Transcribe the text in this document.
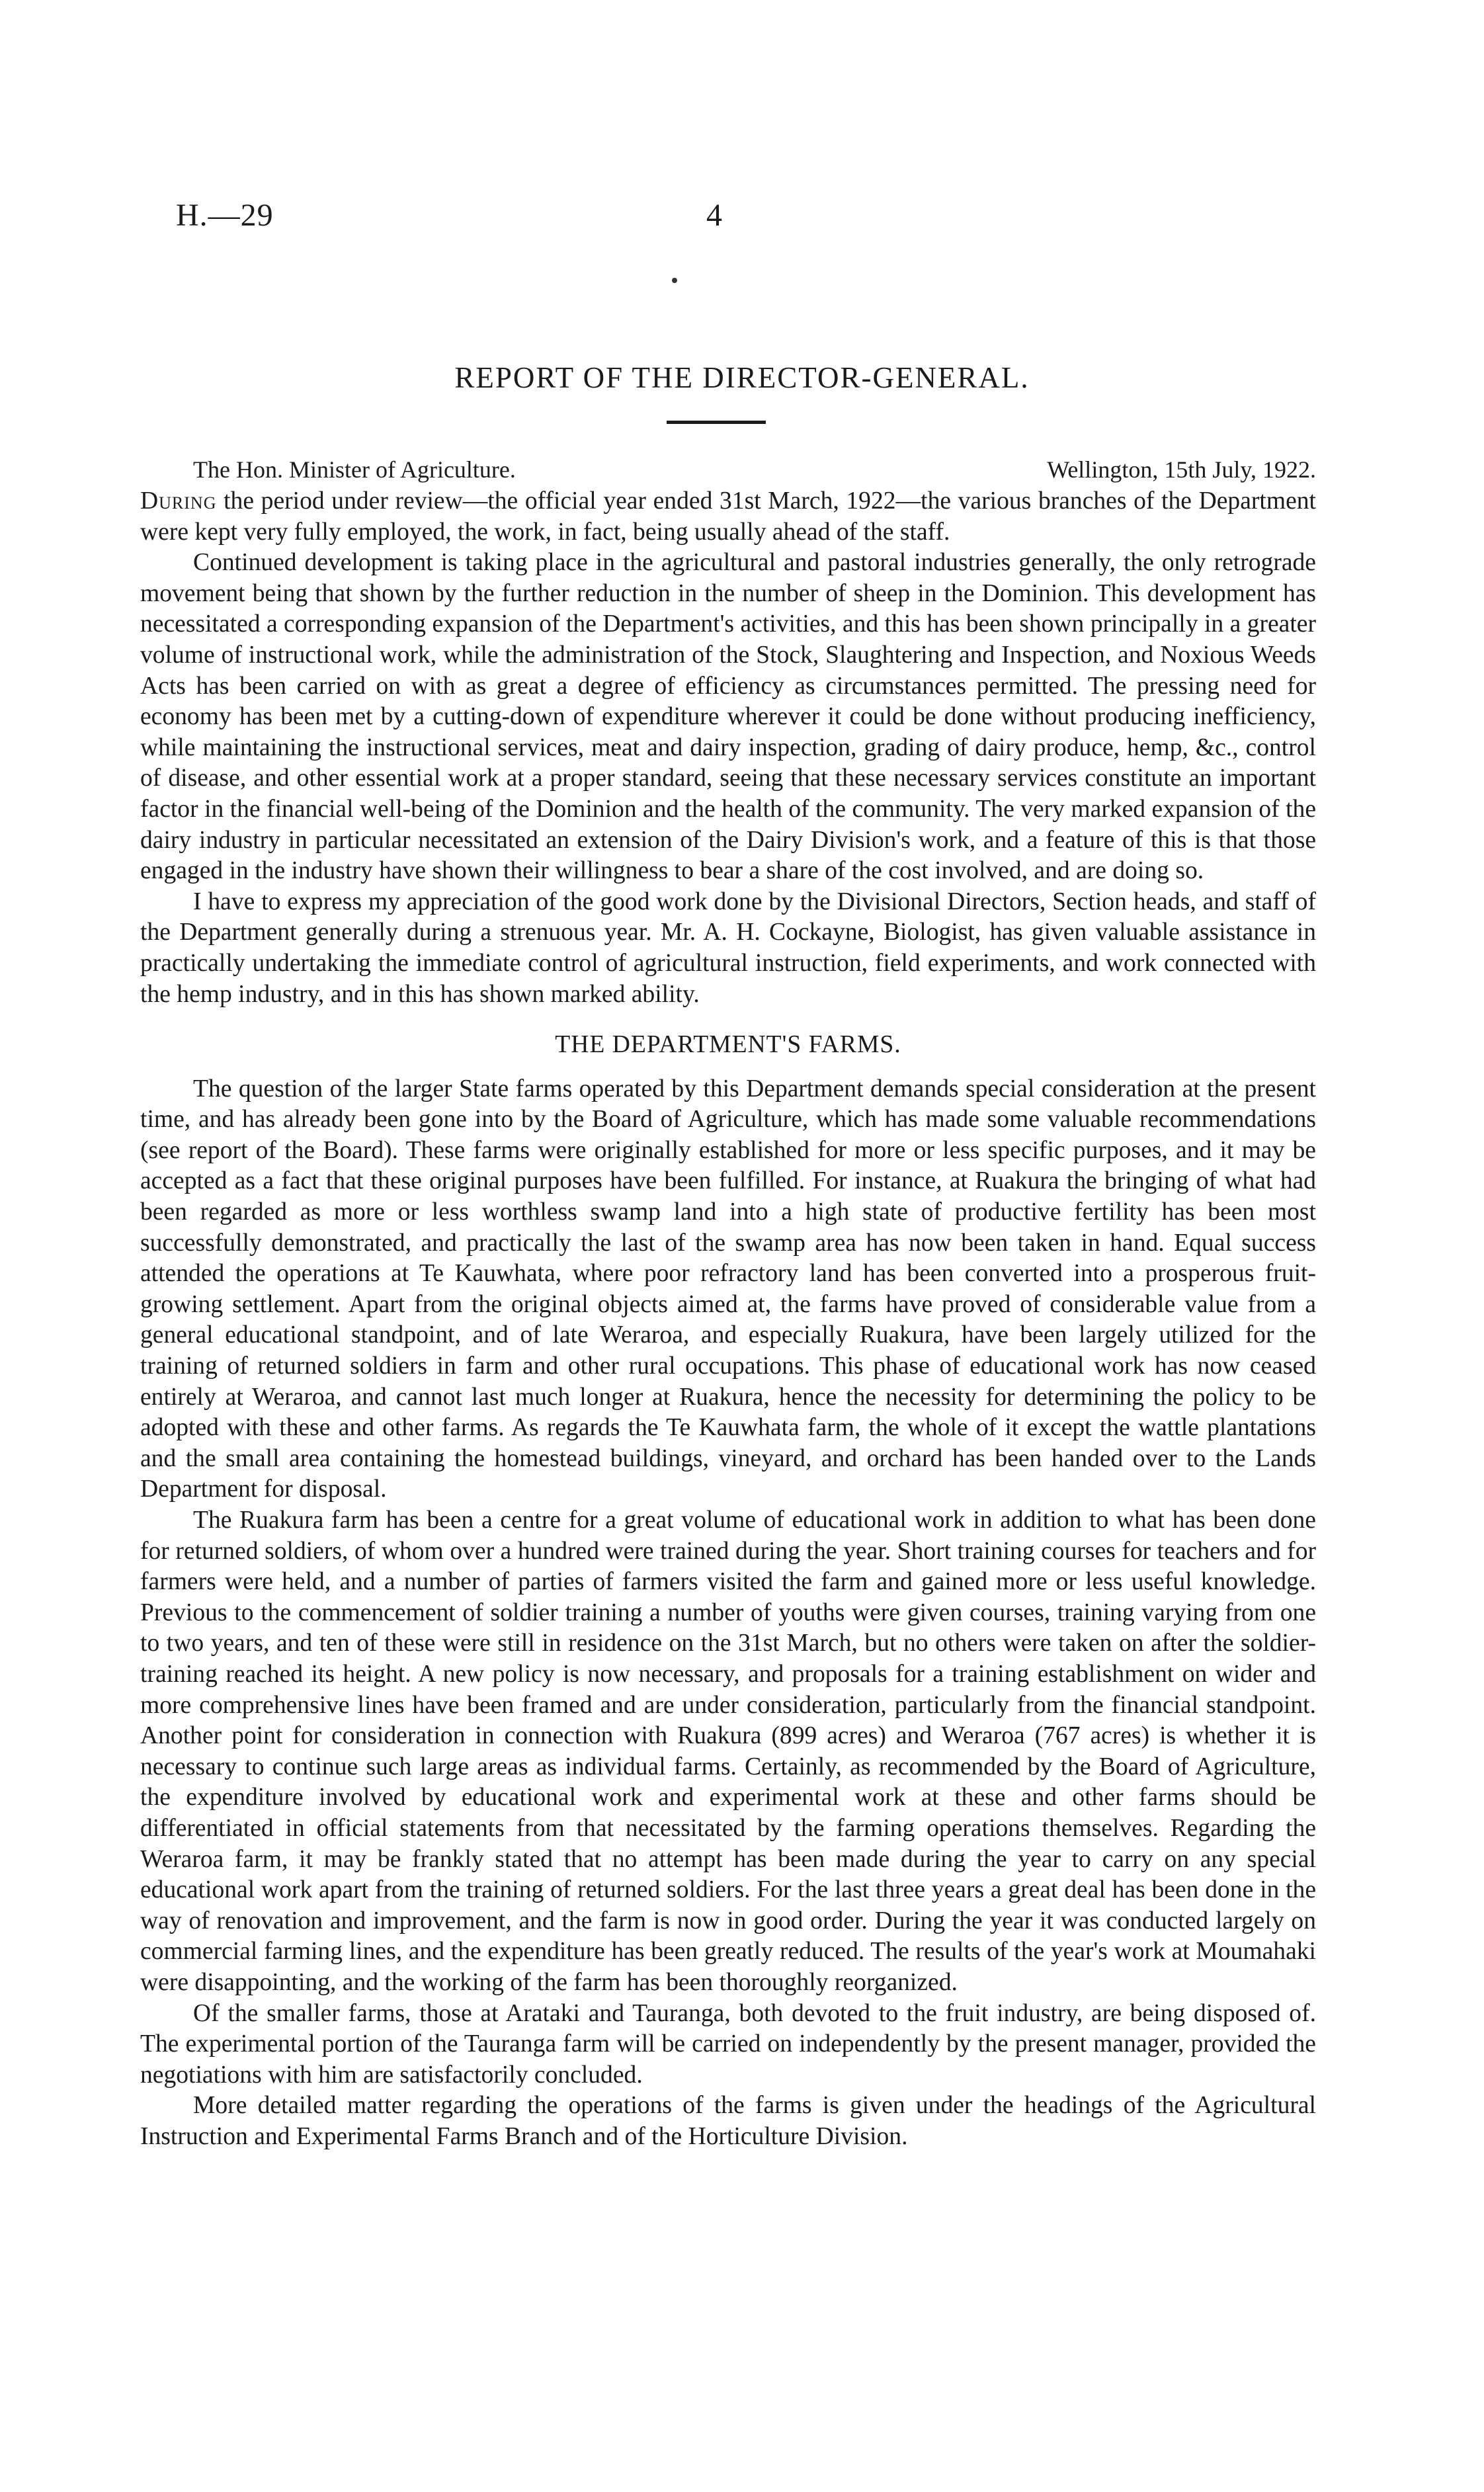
H.—29	4
REPORT OF THE DIRECTOR-GENERAL.
The Hon. Minister of Agriculture.	Wellington, 15th July, 1922.

During the period under review—the official year ended 31st March, 1922—the various branches of the Department were kept very fully employed, the work, in fact, being usually ahead of the staff.

Continued development is taking place in the agricultural and pastoral industries generally, the only retrograde movement being that shown by the further reduction in the number of sheep in the Dominion. This development has necessitated a corresponding expansion of the Department's activities, and this has been shown principally in a greater volume of instructional work, while the administration of the Stock, Slaughtering and Inspection, and Noxious Weeds Acts has been carried on with as great a degree of efficiency as circumstances permitted. The pressing need for economy has been met by a cutting-down of expenditure wherever it could be done without producing inefficiency, while maintaining the instructional services, meat and dairy inspection, grading of dairy produce, hemp, &c., control of disease, and other essential work at a proper standard, seeing that these necessary services constitute an important factor in the financial well-being of the Dominion and the health of the community. The very marked expansion of the dairy industry in particular necessitated an extension of the Dairy Division's work, and a feature of this is that those engaged in the industry have shown their willingness to bear a share of the cost involved, and are doing so.

I have to express my appreciation of the good work done by the Divisional Directors, Section heads, and staff of the Department generally during a strenuous year. Mr. A. H. Cockayne, Biologist, has given valuable assistance in practically undertaking the immediate control of agricultural instruction, field experiments, and work connected with the hemp industry, and in this has shown marked ability.

THE DEPARTMENT'S FARMS.

The question of the larger State farms operated by this Department demands special consideration at the present time, and has already been gone into by the Board of Agriculture, which has made some valuable recommendations (see report of the Board). These farms were originally established for more or less specific purposes, and it may be accepted as a fact that these original purposes have been fulfilled. For instance, at Ruakura the bringing of what had been regarded as more or less worthless swamp land into a high state of productive fertility has been most successfully demonstrated, and practically the last of the swamp area has now been taken in hand. Equal success attended the operations at Te Kauwhata, where poor refractory land has been converted into a prosperous fruit-growing settlement. Apart from the original objects aimed at, the farms have proved of considerable value from a general educational standpoint, and of late Weraroa, and especially Ruakura, have been largely utilized for the training of returned soldiers in farm and other rural occupations. This phase of educational work has now ceased entirely at Weraroa, and cannot last much longer at Ruakura, hence the necessity for determining the policy to be adopted with these and other farms. As regards the Te Kauwhata farm, the whole of it except the wattle plantations and the small area containing the homestead buildings, vineyard, and orchard has been handed over to the Lands Department for disposal.

The Ruakura farm has been a centre for a great volume of educational work in addition to what has been done for returned soldiers, of whom over a hundred were trained during the year. Short training courses for teachers and for farmers were held, and a number of parties of farmers visited the farm and gained more or less useful knowledge. Previous to the commencement of soldier training a number of youths were given courses, training varying from one to two years, and ten of these were still in residence on the 31st March, but no others were taken on after the soldier-training reached its height. A new policy is now necessary, and proposals for a training establishment on wider and more comprehensive lines have been framed and are under consideration, particularly from the financial standpoint. Another point for consideration in connection with Ruakura (899 acres) and Weraroa (767 acres) is whether it is necessary to continue such large areas as individual farms. Certainly, as recommended by the Board of Agriculture, the expenditure involved by educational work and experimental work at these and other farms should be differentiated in official statements from that necessitated by the farming operations themselves. Regarding the Weraroa farm, it may be frankly stated that no attempt has been made during the year to carry on any special educational work apart from the training of returned soldiers. For the last three years a great deal has been done in the way of renovation and improvement, and the farm is now in good order. During the year it was conducted largely on commercial farming lines, and the expenditure has been greatly reduced. The results of the year's work at Moumahaki were disappointing, and the working of the farm has been thoroughly reorganized.

Of the smaller farms, those at Arataki and Tauranga, both devoted to the fruit industry, are being disposed of. The experimental portion of the Tauranga farm will be carried on independently by the present manager, provided the negotiations with him are satisfactorily concluded.

More detailed matter regarding the operations of the farms is given under the headings of the Agricultural Instruction and Experimental Farms Branch and of the Horticulture Division.
